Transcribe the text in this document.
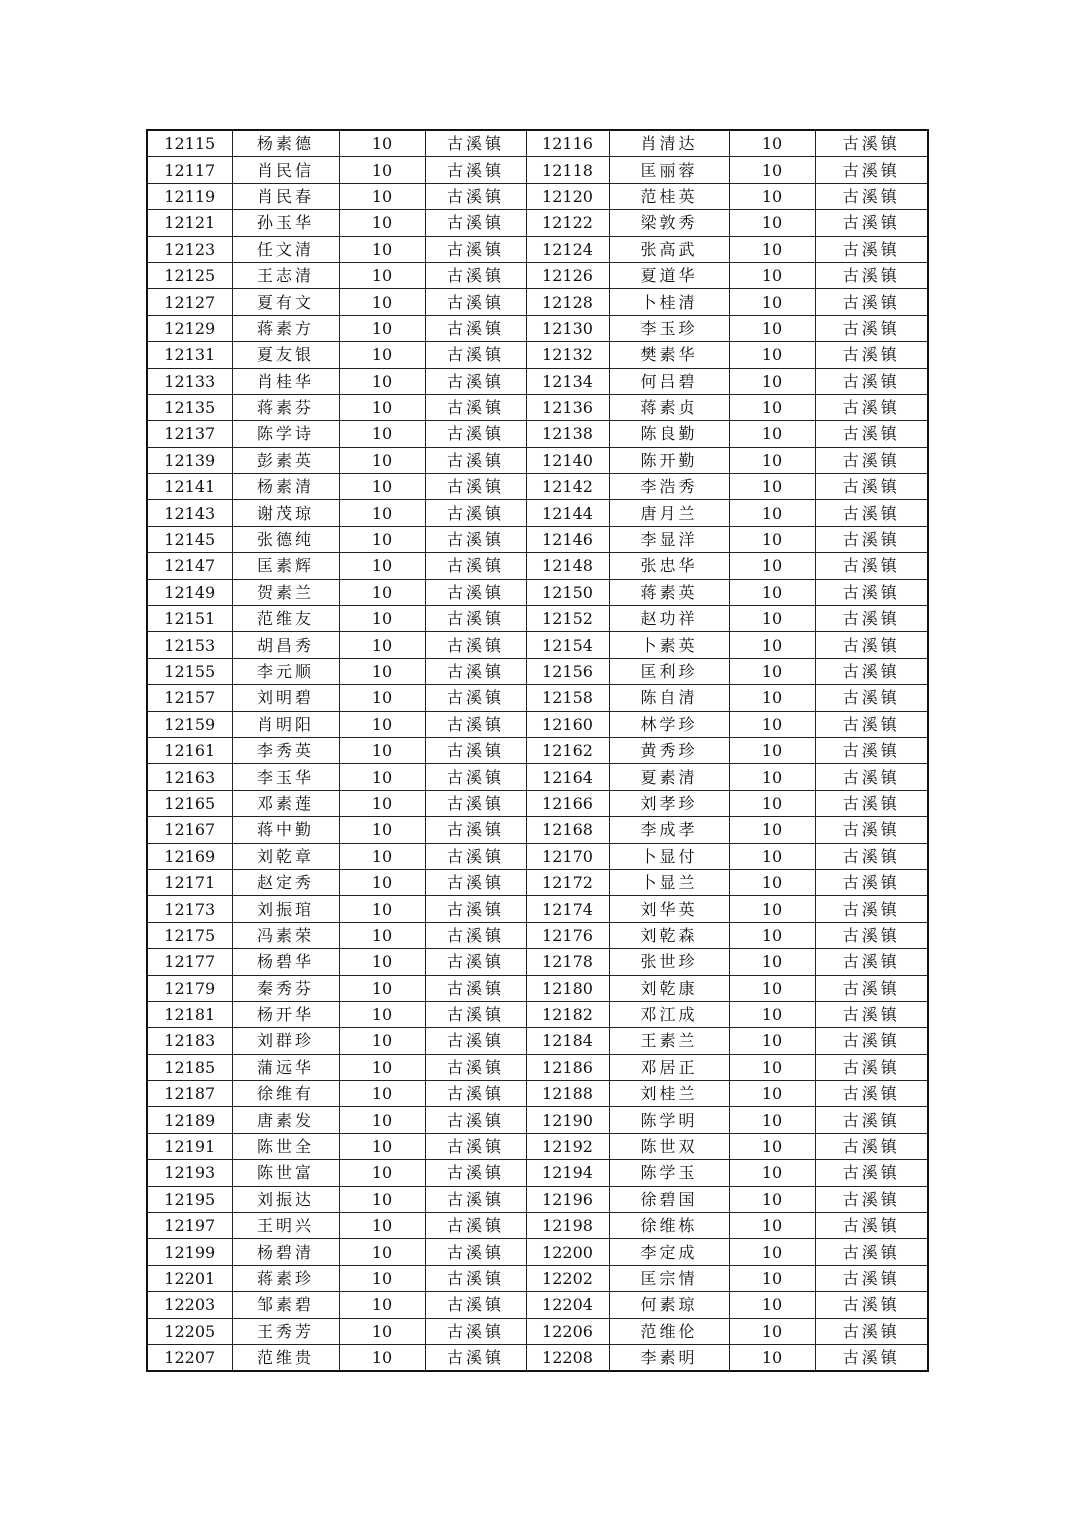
12115	杨素德	10	古溪镇	12116	肖清达	10	古溪镇
12117	肖民信	10	古溪镇	12118	匡丽蓉	10	古溪镇
12119	肖民春	10	古溪镇	12120	范桂英	10	古溪镇
12121	孙玉华	10	古溪镇	12122	梁敦秀	10	古溪镇
12123	任文清	10	古溪镇	12124	张高武	10	古溪镇
12125	王志清	10	古溪镇	12126	夏道华	10	古溪镇
12127	夏有文	10	古溪镇	12128	卜桂清	10	古溪镇
12129	蒋素方	10	古溪镇	12130	李玉珍	10	古溪镇
12131	夏友银	10	古溪镇	12132	樊素华	10	古溪镇
12133	肖桂华	10	古溪镇	12134	何吕碧	10	古溪镇
12135	蒋素芬	10	古溪镇	12136	蒋素贞	10	古溪镇
12137	陈学诗	10	古溪镇	12138	陈良勤	10	古溪镇
12139	彭素英	10	古溪镇	12140	陈开勤	10	古溪镇
12141	杨素清	10	古溪镇	12142	李浩秀	10	古溪镇
12143	谢茂琼	10	古溪镇	12144	唐月兰	10	古溪镇
12145	张德纯	10	古溪镇	12146	李显洋	10	古溪镇
12147	匡素辉	10	古溪镇	12148	张忠华	10	古溪镇
12149	贺素兰	10	古溪镇	12150	蒋素英	10	古溪镇
12151	范维友	10	古溪镇	12152	赵功祥	10	古溪镇
12153	胡昌秀	10	古溪镇	12154	卜素英	10	古溪镇
12155	李元顺	10	古溪镇	12156	匡利珍	10	古溪镇
12157	刘明碧	10	古溪镇	12158	陈自清	10	古溪镇
12159	肖明阳	10	古溪镇	12160	林学珍	10	古溪镇
12161	李秀英	10	古溪镇	12162	黄秀珍	10	古溪镇
12163	李玉华	10	古溪镇	12164	夏素清	10	古溪镇
12165	邓素莲	10	古溪镇	12166	刘孝珍	10	古溪镇
12167	蒋中勤	10	古溪镇	12168	李成孝	10	古溪镇
12169	刘乾章	10	古溪镇	12170	卜显付	10	古溪镇
12171	赵定秀	10	古溪镇	12172	卜显兰	10	古溪镇
12173	刘振琯	10	古溪镇	12174	刘华英	10	古溪镇
12175	冯素荣	10	古溪镇	12176	刘乾森	10	古溪镇
12177	杨碧华	10	古溪镇	12178	张世珍	10	古溪镇
12179	秦秀芬	10	古溪镇	12180	刘乾康	10	古溪镇
12181	杨开华	10	古溪镇	12182	邓江成	10	古溪镇
12183	刘群珍	10	古溪镇	12184	王素兰	10	古溪镇
12185	蒲远华	10	古溪镇	12186	邓居正	10	古溪镇
12187	徐维有	10	古溪镇	12188	刘桂兰	10	古溪镇
12189	唐素发	10	古溪镇	12190	陈学明	10	古溪镇
12191	陈世全	10	古溪镇	12192	陈世双	10	古溪镇
12193	陈世富	10	古溪镇	12194	陈学玉	10	古溪镇
12195	刘振达	10	古溪镇	12196	徐碧国	10	古溪镇
12197	王明兴	10	古溪镇	12198	徐维栋	10	古溪镇
12199	杨碧清	10	古溪镇	12200	李定成	10	古溪镇
12201	蒋素珍	10	古溪镇	12202	匡宗情	10	古溪镇
12203	邹素碧	10	古溪镇	12204	何素琼	10	古溪镇
12205	王秀芳	10	古溪镇	12206	范维伦	10	古溪镇
12207	范维贵	10	古溪镇	12208	李素明	10	古溪镇
